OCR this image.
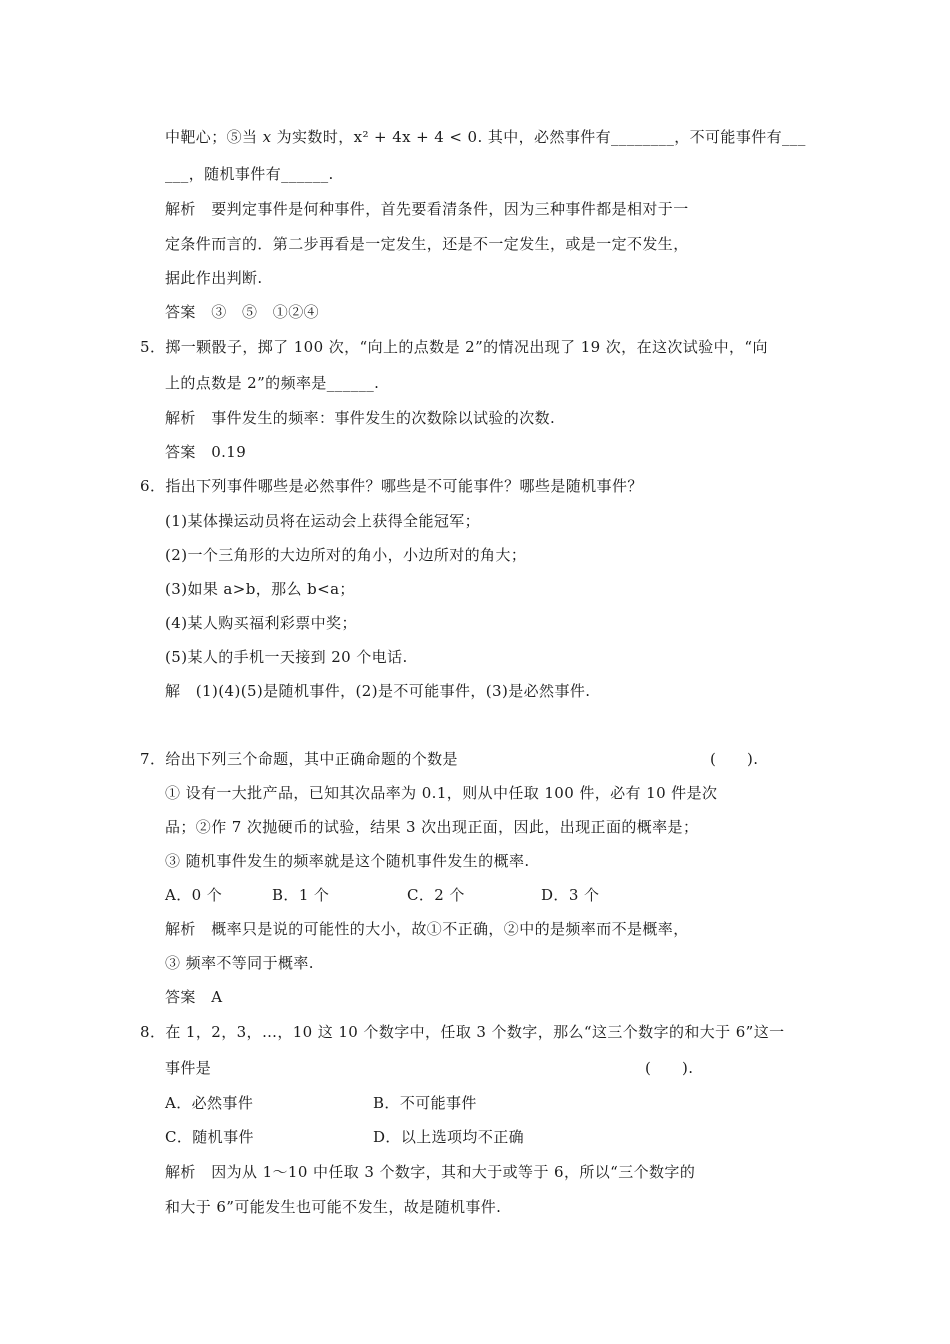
中靶心；⑤当 x 为实数时，x² + 4x + 4 < 0. 其中，必然事件有________，不可能事件有___
___，随机事件有______.
解析　要判定事件是何种事件，首先要看清条件，因为三种事件都是相对于一
定条件而言的．第二步再看是一定发生，还是不一定发生，或是一定不发生，
据此作出判断.
答案　③　⑤　①②④
5．掷一颗骰子，掷了 100 次，“向上的点数是 2”的情况出现了 19 次，在这次试验中，“向
上的点数是 2”的频率是______.
解析　事件发生的频率：事件发生的次数除以试验的次数.
答案　0.19
6．指出下列事件哪些是必然事件？哪些是不可能事件？哪些是随机事件？
(1)某体操运动员将在运动会上获得全能冠军；
(2)一个三角形的大边所对的角小，小边所对的角大；
(3)如果 a>b，那么 b<a；
(4)某人购买福利彩票中奖；
(5)某人的手机一天接到 20 个电话.
解　(1)(4)(5)是随机事件，(2)是不可能事件，(3)是必然事件.
7．给出下列三个命题，其中正确命题的个数是	(　　).
① 设有一大批产品，已知其次品率为 0.1，则从中任取 100 件，必有 10 件是次
品；②作 7 次抛硬币的试验，结果 3 次出现正面，因此，出现正面的概率是；
③ 随机事件发生的频率就是这个随机事件发生的概率.
A．0 个	B．1 个	C．2 个	D．3 个
解析　概率只是说的可能性的大小，故①不正确，②中的是频率而不是概率，
③ 频率不等同于概率.
答案　A
8．在 1，2，3，…，10 这 10 个数字中，任取 3 个数字，那么“这三个数字的和大于 6”这一
事件是	(　　).
A．必然事件	B．不可能事件
C．随机事件	D．以上选项均不正确
解析　因为从 1～10 中任取 3 个数字，其和大于或等于 6，所以“三个数字的
和大于 6”可能发生也可能不发生，故是随机事件.
